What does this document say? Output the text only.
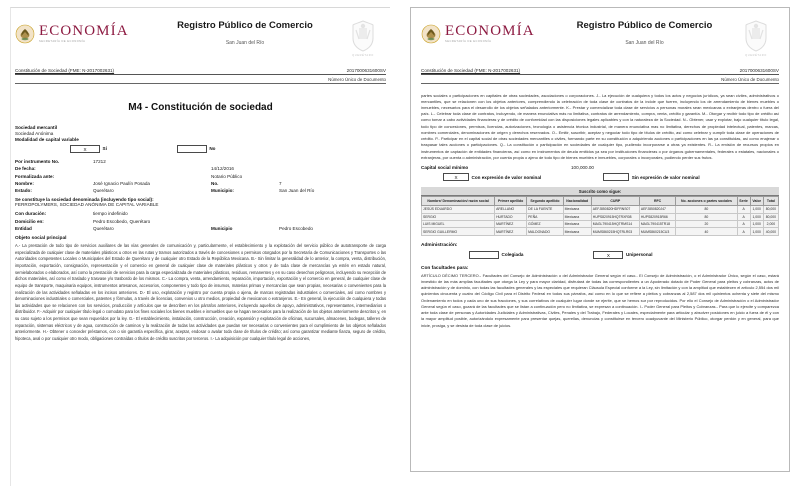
ECONOMÍA
SECRETARÍA DE ECONOMÍA
Registro Público de Comercio
San Juan del Río
QUERÉTARO
Constitución de Sociedad (FME: N-2017002631)	2017000631600SV
Número Único de Documento
M4 - Constitución de sociedad
Sociedad mercantil
Sociedad Anónima
Modalidad de capital variable
X	Sí	No
Por instrumento No.	17212
De fecha:	14/12/2016
Formalizada ante:	Notario Público
Nombre:	José Ignacio Paulín Posada	No.	7
Estado:	Querétaro	Municipio:	San Juan del Río
Se constituye la sociedad denominada (incluyendo tipo social):
FERROPOLYMERS, SOCIEDAD ANÓNIMA DE CAPITAL VARIABLE
Con duración:	tiempo indefinido
Domicilio en:	Pedro Escobedo, Querétaro
Entidad	Querétaro	Municipio	Pedro Escobedo
Objeto social principal
A.- La prestación de todo tipo de servicios auxiliares de las vías generales de comunicación y, particularmente, el establecimiento y la explotación del servicio público de autotransporte de carga especializada de cualquier clase de materiales plásticos u otros en las rutas y tramos autorizados a través de concesiones o permisos otorgados por la Secretaría de Comunicaciones y Transportes o las Autoridades competentes Locales o Municipales del Estado de Querétaro y de cualquier otro Estado de la República Mexicana. B.- Sin limitar la generalidad de lo anterior, la compra, venta, distribución, importación, exportación, consignación, representación y el comercio en general de cualquier clase de materiales plásticos y otros y de toda clase de mercancías ya estén en estado natural, semielaborados o elaborados, así como la prestación de servicios para la carga especializada de materiales plásticos, residuos, remanentes y en su caso desechos peligrosos, incluyendo su recepción de dichos materiales, así como el traslado y trasvase y/o trasbordo de los mismos. C.- La compra, venta, arrendamiento, reparación, importación, exportación y el comercio en general, de cualquier clase de equipo de transporte, maquinaria equipos, instrumentos artesanos, accesorios, componentes y todo tipo de insumos, materias primas y mercancías que sean propias, necesarias o convenientes para la realización de las actividades señaladas en los incisos anteriores. D.- El uso, explotación y registro por cuenta propia o ajena, de marcas registradas industriales o comerciales, así como nombres y denominaciones industriales o comerciales, patentes y fórmulas, a través de licencias, convenios u otro medios, propiedad de mexicanos o extranjeros. E.- En general, la ejecución de cualquiera y todas las actividades que se relacionen con los servicios, producción y artículos que se describen en los párrafos anteriores, incluyendo aquellos de apoyo, administrativos, representantes, intermediarios o distribuidor. F.- Adquirir por cualquier título legal o comodato para los fines sociales los bienes muebles e inmuebles que se hagan necesarios para la realización de los objetos anteriormente descritos y, en su caso sujeto a los permisos que sean requeridos por la ley. G.- El establecimiento, instalación, construcción, creación, expansión y explotación de oficinas, sucursales, almacenes, bodegas, talleres de reparación, sistemas eléctricos y de agua, construcción de caminos y la realización de todas las actividades que puedan ser necesarias o convenientes para el cumplimiento de los objetos señalados anteriormente. H.- Obtener o conceder préstamos, con o sin garantía específica, girar, aceptar, endosar o avalar toda clase de títulos de crédito; así como garantizar mediante fianza, seguro de crédito, hipoteca, aval o por cualquier otro modo, obligaciones contraídas o títulos de crédito suscritos por terceros. I.- La adquisición por cualquier título legal de acciones,
ECONOMÍA
SECRETARÍA DE ECONOMÍA
Registro Público de Comercio
San Juan del Río
QUERÉTARO
Constitución de Sociedad (FME: N-2017002631)	2017000631600SV
Número Único de Documento
partes sociales o participaciones en capitales de otras sociedades, asociaciones o corporaciones. J.- La ejecución de cualquiera y todos los actos y negocios jurídicos, ya sean civiles, administrativos o mercantiles, que se relacionen con los objetos anteriores, comprendiendo la celebración de toda clase de contratos de la índole que fueren, incluyendo los de arrendamiento de bienes muebles o inmuebles, necesarios para el desarrollo de los objetos señalados anteriormente. K.- Prestar y comercializar toda clase de servicios a personas morales sean mexicanas o extranjeras dentro o fuera del país. L.- Celebrar toda clase de contratos, incluyendo, de manera enunciativa más no limitativa, contratos de arrendamiento, compra, venta, crédito y garantía. M.- Otorgar y recibir todo tipo de crédito así como tomar a cabo actividades financieras y de crédito de conformidad con las disposiciones legales aplicables y con la naturaleza de la Sociedad. N.- Obtener, usar y explotar, bajo cualquier título legal, todo tipo de concesiones, permisos, licencias, autorizaciones, tecnología o asistencia técnica industrial, de manera enunciativa mas no limitativa, derechos de propiedad intelectual, patentes, marcas, nombres comerciales, denominaciones de origen y derechos reservados. O.- Emitir, suscribir, aceptar y negociar todo tipo de títulos de crédito, así como celebrar y cumplir toda clase de operaciones de crédito. P.- Participar en el capital social de otras sociedades mercantiles o civiles, formando parte en su constitución o adquiriendo acciones o participaciones en las ya constituidas, así como enajenar o traspasar tales acciones o participaciones. Q.- La constitución o participación en sociedades de cualquier tipo, pudiendo incorporarse a otras ya existentes. R.- La emisión de recursos propios en instrumentos de captación de entidades financieras, así como en instrumentos de deuda emitidos ya sea por instituciones financieras o por órganos gubernamentales, federales o estatales, nacionales o extranjeras, por cuenta o administración, por cuenta propia o ajeno de todo tipo de bienes muebles e inmuebles, corporales o incorporales, pudiendo perder sus frutos.
Capital social mínimo	100,000.00
X	Con expresión de valor nominal	Sin expresión de valor nominal
Suscrito como sigue:
Nombre/ Denominación/ razón social	Primer apellido	Segundo apellido	Nacionalidad	CURP	RFC	No. acciones o partes sociales	Serie	Valor	Total
JESÚS EDUARDO	ARELLANO	DE LA FUENTE	Mexicana	AEFJ850820HDFRNS07	AEFJ850820J47	80	A	1,000	80,000
SERGIO	HURTADO	PEÑA	Mexicana	HUPS820915HQTRXR08	HUPS820915R66	80	A	1,000	80,000
LUIS MIGUEL	MARTÍNEZ	GÓMEZ	Mexicana	MAGL790415HQTRMS14	MAGL790415TR18	20	A	1,000	2,000
SERGIO GUILLERMO	MARTÍNEZ	MALDONADO	Mexicana	MUMS860215HQTRLR03	MUMS860215CU3	40	A	1,000	40,000
Administración:
Colegiada	X	Unipersonal
Con facultades para:
ARTÍCULO DÉCIMO TERCERO.- Facultades del Consejo de Administración o del Administrador General según el caso.- El Consejo de Administración, o el Administrador Único, según el caso, estará investido de las más amplias facultades que otorga la Ley y para mayor claridad, disfrutará de todas las correspondientes a un Apoderado dotado de Poder General para pleitos y cobranzas, actos de administración y de dominio, con todas las facultades generales y las especiales que requieran Cláusula Especial conforme a la Ley, sin limitación y con la amplitud que establecen el artículo 2,554 dos mil quinientos cincuenta y cuatro del Código Civil para el Distrito Federal en todos sus párrafos, así como en lo que se refiere a pleitos y cobranzas al 2,587 dos mil quinientos ochenta y siete del mismo Ordenamiento en todos y cada uno de sus fracciones, y sus correlativos de cualquier lugar donde se ejerite, que se hemos sur por reproducidos. Por ello el Consejo de Administración o el Administrador General según el caso, gozará de las facultades que se listan a continuación pero no limitativa, se expresan a continuación. I.- Poder General para Pleitos y Cobranzas.- Para que lo ejercite y comparezca ante toda clase de personas y Autoridades Judiciales y Administrativas, Civiles, Penales y del Trabajo, Federales y Locales, especialmente para articular y absolver posiciones en juicio a fuera de él y con la mayor amplitud posible, autorizándolo expresamente para presentar quejas, querellas, denuncias y constituirse en tercero coadyuvante del Ministerio Público, otorgar perdón y en general, para que inicie, prosiga, y se desista de toda clase de juicios.
